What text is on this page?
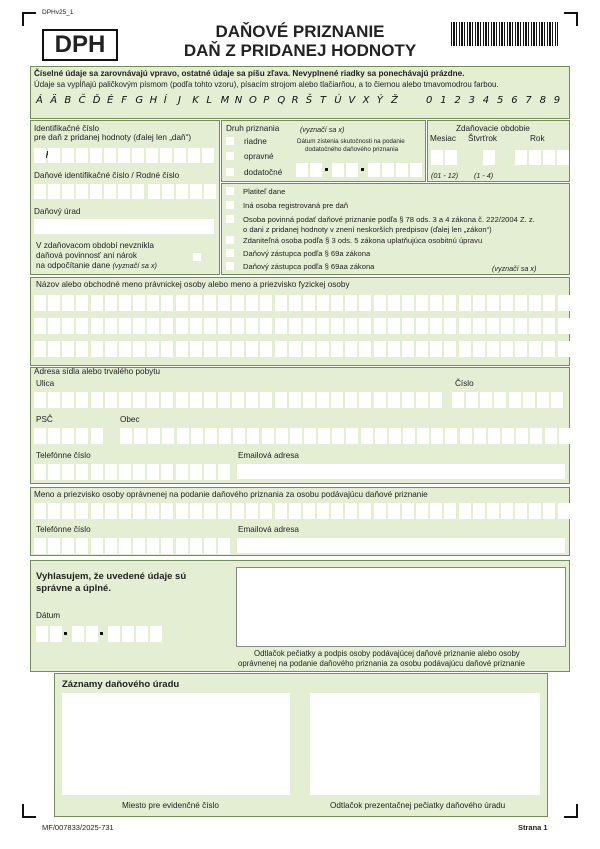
DPHv25_1
DPH	DAŇOVÉ PRIZNANIE
DAŇ Z PRIDANEJ HODNOTY
Číselné údaje sa zarovnávajú vpravo, ostatné údaje sa píšu zľava. Nevyplnené riadky sa ponechávajú prázdne.
Údaje sa vypĺňajú paličkovým písmom (podľa tohto vzoru), písacím strojom alebo tlačiarňou, a to čiernou alebo tmavomodrou farbou.
Á Ä B Č Ď É F G H Í J K L M N O P Q R Š T Ú V X Ý Ž	0 1 2 3 4 5 6 7 8 9
Identifikačné číslo
pre daň z pridanej hodnoty (ďalej len „daň“)
Daňové identifikačné číslo / Rodné číslo
Daňový úrad
V zdaňovacom období nevznikla
daňová povinnosť ani nárok
na odpočítanie dane (vyznačí sa x)
Druh priznania	(vyznačí sa x)
riadne
opravné
dodatočné
Dátum zistenia skutočnosti na podanie
dodatočného daňového priznania
Zdaňovacie obdobie
Mesiac Štvrťrok	Rok
(01 - 12) (1 - 4)
Platiteľ dane
Iná osoba registrovaná pre daň
Osoba povinná podať daňové priznanie podľa § 78 ods. 3 a 4 zákona č. 222/2004 Z. z.
o dani z pridanej hodnoty v znení neskorších predpisov (ďalej len „zákon“)
Zdaniteľná osoba podľa § 3 ods. 5 zákona uplatňujúca osobitnú úpravu
Daňový zástupca podľa § 69a zákona
Daňový zástupca podľa § 69aa zákona	(vyznačí sa x)
Názov alebo obchodné meno právnickej osoby alebo meno a priezvisko fyzickej osoby
Adresa sídla alebo trvalého pobytu
Ulica	Číslo
PSČ	Obec
Telefónne číslo	Emailová adresa
Meno a priezvisko osoby oprávnenej na podanie daňového priznania za osobu podávajúcu daňové priznanie
Telefónne číslo	Emailová adresa
Vyhlasujem, že uvedené údaje sú
správne a úplné.
Dátum
Odtlačok pečiatky a podpis osoby podávajúcej daňové priznanie alebo osoby
oprávnenej na podanie daňového priznania za osobu podávajúcu daňové priznanie
Záznamy daňového úradu
Miesto pre evidenčné číslo	Odtlačok prezentačnej pečiatky daňového úradu
MF/007833/2025-731	Strana 1
